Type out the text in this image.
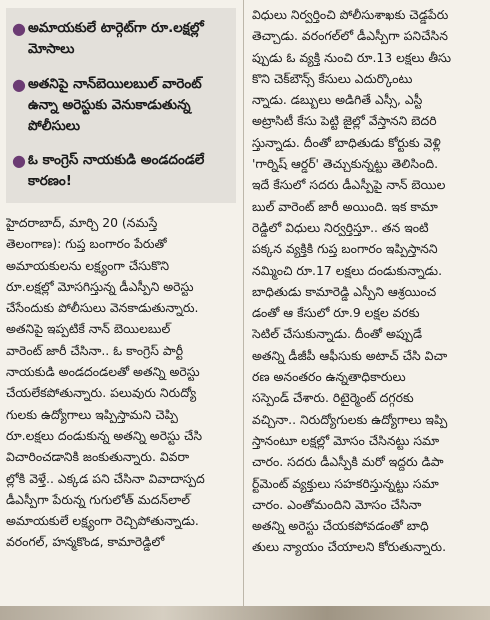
● అమాయకులే టార్గెట్‌గా రూ.లక్షల్లో మోసాలు
● అతనిపై నాన్‌బెయిలబుల్ వారెంట్ ఉన్నా అరెస్టుకు వెనుకాడుతున్న పోలీసులు
● ఓ కాంగ్రెస్ నాయకుడి అండదండలే కారణం!
హైదరాబాద్, మార్చి 20 (నమస్తే
తెలంగాణ): గుప్త బంగారం పేరుతో
అమాయకులను లక్ష్యంగా చేసుకొని
రూ.లక్షల్లో మోసగిస్తున్న డీఎస్పీని అరెస్టు
చేసేందుకు పోలీసులు వెనకాడుతున్నారు.
అతనిపై ఇప్పటికే నాన్ బెయిలబుల్
వారెంట్ జారీ చేసినా.. ఓ కాంగ్రెస్ పార్టీ
నాయకుడి అండదండలతో అతన్ని అరెస్టు
చేయలేకపోతున్నారు. పలువురు నిరుద్యో
గులకు ఉద్యోగాలు ఇప్పిస్తామని చెప్పి
రూ.లక్షలు దండుకున్న అతన్ని అరెస్టు చేసి
విచారించడానికి జంకుతున్నారు. వివరా
ల్లోకి వెళ్తే.. ఎక్కడ పని చేసినా వివాదాస్పద
డీఎస్పీగా పేరున్న గుగులోత్ మదన్‌లాల్
అమాయకులే లక్ష్యంగా రెచ్చిపోతున్నాడు.
వరంగల్, హన్మకొండ, కామారెడ్డిలో
విధులు నిర్వర్తించి పోలీసుశాఖకు చెడ్డపేరు
తెచ్చాడు. వరంగల్‌లో డీఎస్పీగా పనిచేసిన
ప్పుడు ఓ వ్యక్తి నుంచి రూ.13 లక్షలు తీసు
కొని చెక్‌బౌన్స్ కేసులు ఎదుర్కొంటు
న్నాడు. డబ్బులు అడిగితే ఎస్సీ, ఎస్టీ
అట్రాసిటీ కేసు పెట్టి జైల్లో వేస్తానని బెదరి
స్తున్నాడు. దీంతో బాధితుడు కోర్టుకు వెళ్లి
'గార్నిష్ ఆర్డర్' తెచ్చుకున్నట్టు తెలిసింది.
ఇదే కేసులో సదరు డీఎస్పీపై నాన్ బెయిల
బుల్ వారెంట్ జారీ అయింది. ఇక కామా
రెడ్డిలో విధులు నిర్వర్తిస్తూ.. తన ఇంటి
పక్కన వ్యక్తికి గుప్త బంగారం ఇప్పిస్తానని
నమ్మించి రూ.17 లక్షలు దండుకున్నాడు.
బాధితుడు కామారెడ్డి ఎస్పీని ఆశ్రయించ
డంతో ఆ కేసులో రూ.9 లక్షల వరకు
సెటిల్ చేసుకున్నాడు. దీంతో అప్పుడే
అతన్ని డీజీపీ ఆఫీసుకు అటాచ్ చేసి విచా
రణ అనంతరం ఉన్నతాధికారులు
సస్పెండ్ చేశారు. రిటైర్మెంట్ దగ్గరకు
వచ్చినా.. నిరుద్యోగులకు ఉద్యోగాలు ఇప్పి
స్తానంటూ లక్షల్లో మోసం చేసినట్టు సమా
చారం. సదరు డీఎస్పీకి మరో ఇద్దరు డిపా
ర్ట్‌మెంట్ వ్యక్తులు సహకరిస్తున్నట్టు సమా
చారం. ఎంతోమందిని మోసం చేసినా
అతన్ని అరెస్టు చేయకపోవడంతో బాధి
తులు న్యాయం చేయాలని కోరుతున్నారు.
